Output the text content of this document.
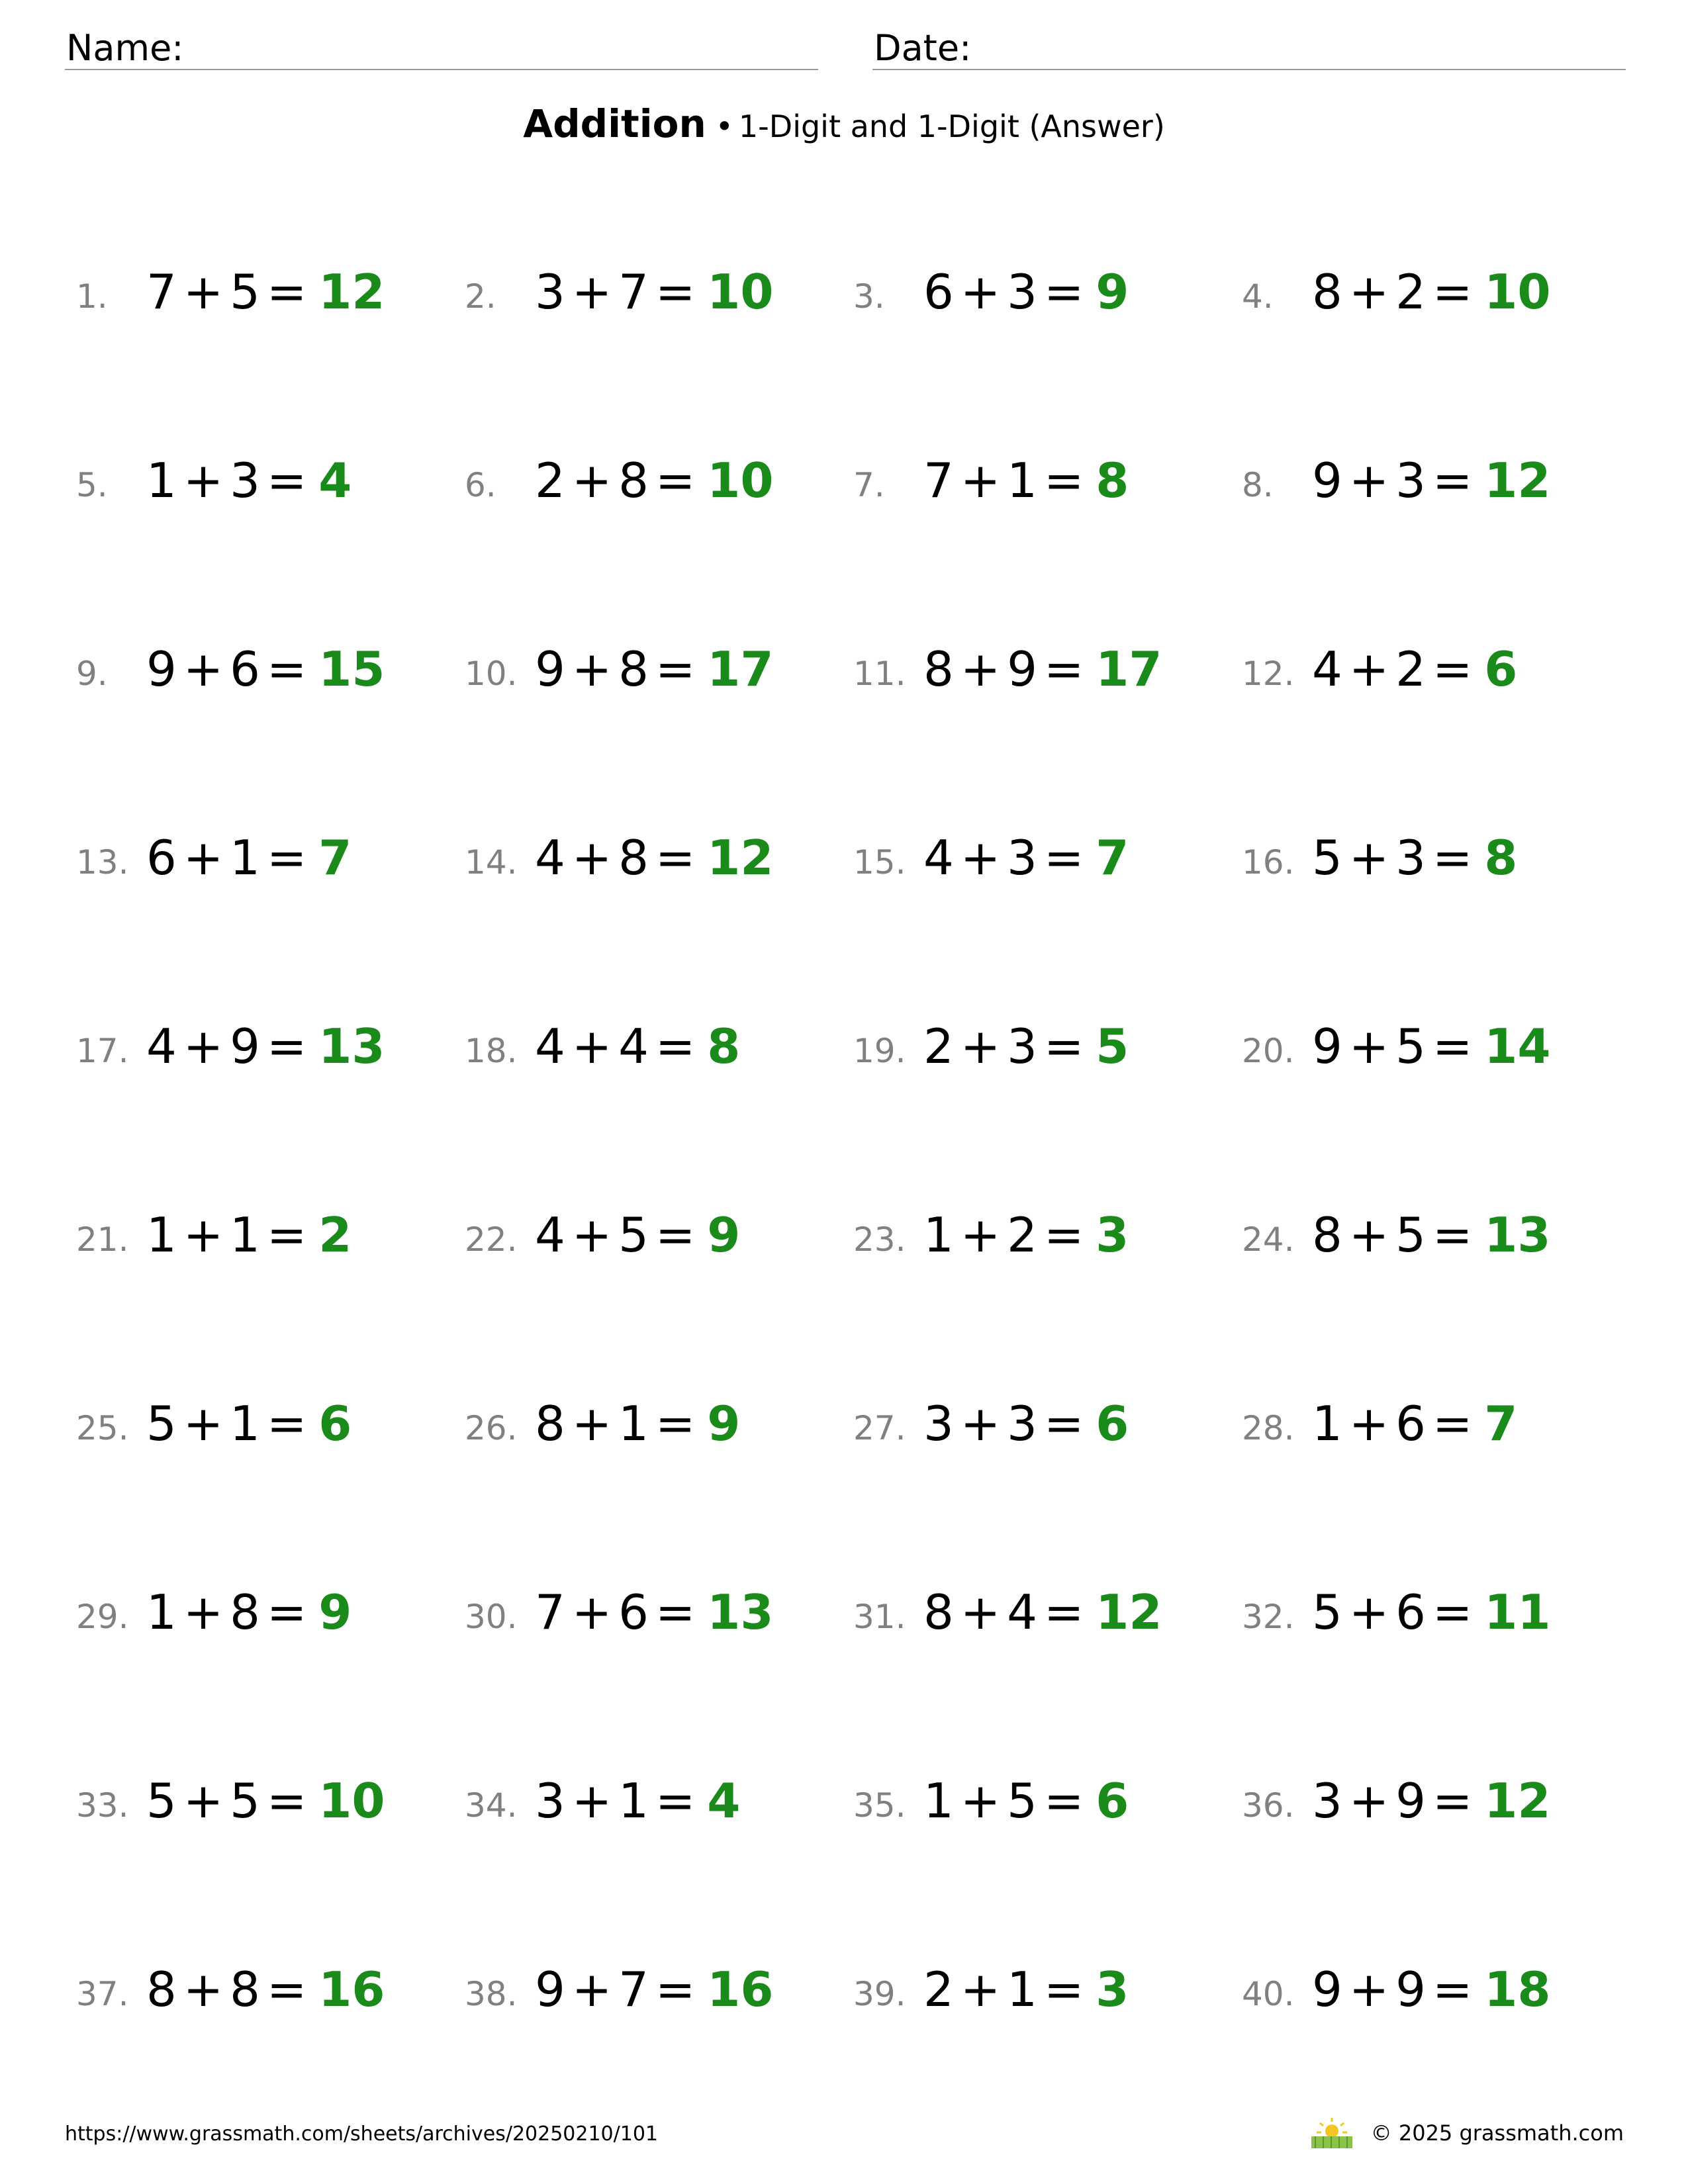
Name:	Date:
Addition • 1-Digit and 1-Digit (Answer)
1. 7 + 5 = 12 2. 3 + 7 = 10 3. 6 + 3 = 9	4. 8 + 2 = 10
5. 1 + 3 = 4	6. 2 + 8 = 10 7. 7 + 1 = 8	8. 9 + 3 = 12
9. 9 + 6 = 15 10. 9 + 8 = 17 11. 8 + 9 = 17 12. 4 + 2 = 6
13. 6 + 1 = 7	14. 4 + 8 = 12 15. 4 + 3 = 7	16. 5 + 3 = 8
17. 4 + 9 = 13 18. 4 + 4 = 8	19. 2 + 3 = 5	20. 9 + 5 = 14
21. 1 + 1 = 2	22. 4 + 5 = 9	23. 1 + 2 = 3	24. 8 + 5 = 13
25. 5 + 1 = 6	26. 8 + 1 = 9	27. 3 + 3 = 6	28. 1 + 6 = 7
29. 1 + 8 = 9	30. 7 + 6 = 13 31. 8 + 4 = 12 32. 5 + 6 = 11
33. 5 + 5 = 10 34. 3 + 1 = 4	35. 1 + 5 = 6	36. 3 + 9 = 12
37. 8 + 8 = 16 38. 9 + 7 = 16 39. 2 + 1 = 3	40. 9 + 9 = 18
https://www.grassmath.com/sheets/archives/20250210/101	© 2025 grassmath.com
